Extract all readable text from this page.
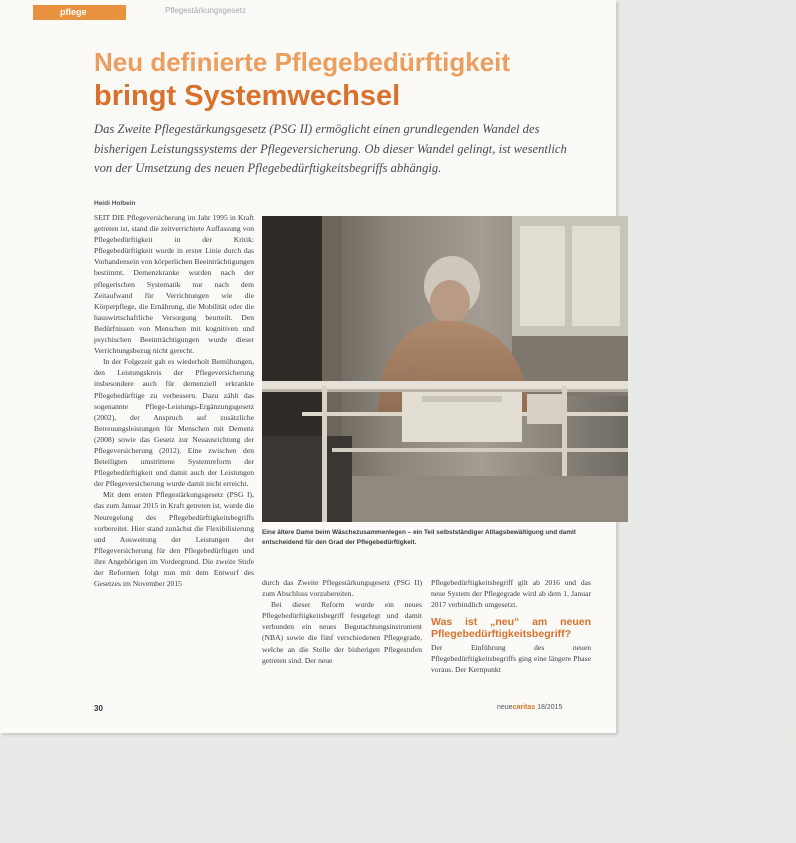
pflege	Pflegestärkungsgesetz
Neu definierte Pflegebedürftigkeit
bringt Systemwechsel
Das Zweite Pflegestärkungsgesetz (PSG II) ermöglicht einen grundlegenden Wandel des bisherigen Leistungssystems der Pflegeversicherung. Ob dieser Wandel gelingt, ist wesentlich von der Umsetzung des neuen Pflegebedürftigkeitsbegriffs abhängig.
Heidi Holbein

SEIT DIE Pflegeversicherung im Jahr 1995 in Kraft getreten ist, stand die zeitverrichtete Auffassung von Pflegebedürftigkeit in der Kritik: Pflegebedürftigkeit wurde in erster Linie durch das Vorhandensein von körperlichen Beeinträchtigungen bestimmt. Demenzkranke wurden nach der pflegerischen Systematik nur nach dem Zeitaufwand für Verrichtungen wie die Körperpflege, die Ernährung, die Mobilität oder die hauswirtschaftliche Versorgung beurteilt. Den Bedürfnissen von Menschen mit kognitiven und psychischen Beeinträchtigungen wurde dieser Verrichtungsbezug nicht gerecht.

In der Folgezeit gab es wiederholt Bemühungen, den Leistungskreis der Pflegeversicherung insbesondere auch für demenziell erkrankte Pflegebedürftige zu verbessern. Dazu zählt das sogenannte Pflege-Leistungs-Ergänzungsgesetz (2002), der Anspruch auf zusätzliche Betreuungsleistungen für Menschen mit Demenz (2008) sowie das Gesetz zur Neuausrichtung der Pflegeversicherung (2012). Eine zwischen den Beteiligten umstrittene Systemreform der Pflegebedürftigkeit und damit auch der Leistungen der Pflegeversicherung wurde damit nicht erreicht.

Mit dem ersten Pflegestärkungsgesetz (PSG I), das zum Januar 2015 in Kraft getreten ist, wurde die Neuregelung des Pflegebedürftigkeitsbegriffs vorbereitet. Hier stand zunächst die Flexibilisierung und Ausweitung der Leistungen der Pflegeversicherung für den Pflegebedürftigen und ihre Angehörigen im Vordergrund. Die zweite Stufe der Reformen folgt nun mit dem Entwurf des Gesetzes im November 2015

Foto: Caritas
Eine ältere Dame beim Wäschezusammenlegen – ein Teil selbstständiger Alltagsbewältigung und damit entscheidend für den Grad der Pflegebedürftigkeit.

durch das Zweite Pflegestärkungsgesetz (PSG II) zum Abschluss vorzubereiten.

Bei dieser Reform wurde ein neues Pflegebedürftigkeitsbegriff festgelegt und damit verbunden ein neues Begutachtungsinstrument (NBA) sowie die fünf verschiedenen Pflegegrade, welche an die Stelle der bisherigen Pflegestufen getreten sind. Der neue

Pflegebedürftigkeitsbegriff gilt ab 2016 und das neue System der Pflegegrade wird ab dem 1. Januar 2017 verbindlich umgesetzt.

Was ist „neu“ am neuen Pflegebedürftigkeitsbegriff?

Der Einführung des neuen Pflegebedürftigkeitsbegriffs ging eine längere Phase voraus. Der Kernpunkt

30	neuecaritas 18/2015
